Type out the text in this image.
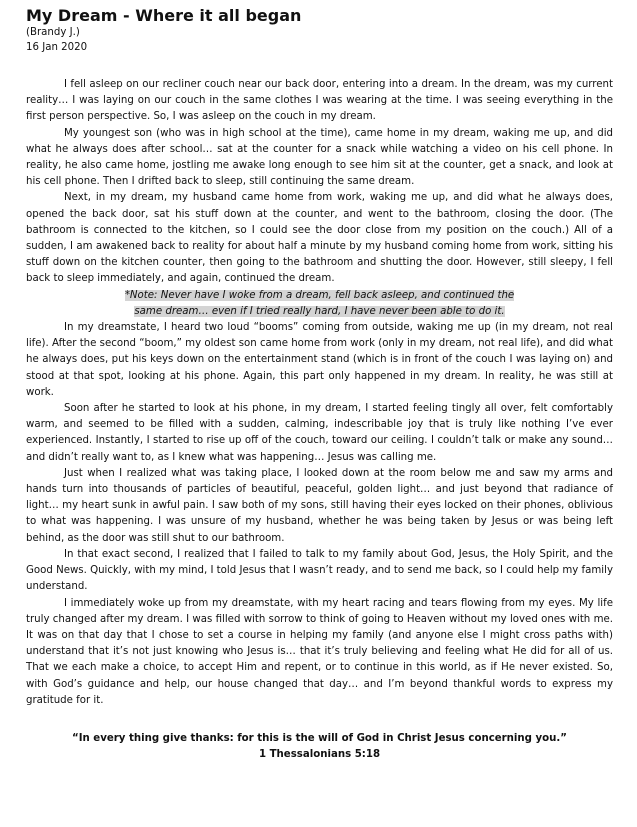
My Dream - Where it all began

(Brandy J.)

16 Jan 2020

I fell asleep on our recliner couch near our back door, entering into a dream. In the dream, was my current reality… I was laying on our couch in the same clothes I was wearing at the time. I was seeing everything in the first person perspective. So, I was asleep on the couch in my dream.

My youngest son (who was in high school at the time), came home in my dream, waking me up, and did what he always does after school… sat at the counter for a snack while watching a video on his cell phone. In reality, he also came home, jostling me awake long enough to see him sit at the counter, get a snack, and look at his cell phone. Then I drifted back to sleep, still continuing the same dream.

Next, in my dream, my husband came home from work, waking me up, and did what he always does, opened the back door, sat his stuff down at the counter, and went to the bathroom, closing the door. (The bathroom is connected to the kitchen, so I could see the door close from my position on the couch.) All of a sudden, I am awakened back to reality for about half a minute by my husband coming home from work, sitting his stuff down on the kitchen counter, then going to the bathroom and shutting the door. However, still sleepy, I fell back to sleep immediately, and again, continued the dream.

*Note: Never have I woke from a dream, fell back asleep, and continued the
same dream… even if I tried really hard, I have never been able to do it.

In my dreamstate, I heard two loud “booms” coming from outside, waking me up (in my dream, not real life). After the second “boom,” my oldest son came home from work (only in my dream, not real life), and did what he always does, put his keys down on the entertainment stand (which is in front of the couch I was laying on) and stood at that spot, looking at his phone. Again, this part only happened in my dream. In reality, he was still at work.

Soon after he started to look at his phone, in my dream, I started feeling tingly all over, felt comfortably warm, and seemed to be filled with a sudden, calming, indescribable joy that is truly like nothing I’ve ever experienced. Instantly, I started to rise up off of the couch, toward our ceiling. I couldn’t talk or make any sound… and didn’t really want to, as I knew what was happening… Jesus was calling me.

Just when I realized what was taking place, I looked down at the room below me and saw my arms and hands turn into thousands of particles of beautiful, peaceful, golden light… and just beyond that radiance of light… my heart sunk in awful pain. I saw both of my sons, still having their eyes locked on their phones, oblivious to what was happening. I was unsure of my husband, whether he was being taken by Jesus or was being left behind, as the door was still shut to our bathroom.

In that exact second, I realized that I failed to talk to my family about God, Jesus, the Holy Spirit, and the Good News. Quickly, with my mind, I told Jesus that I wasn’t ready, and to send me back, so I could help my family understand.

I immediately woke up from my dreamstate, with my heart racing and tears flowing from my eyes. My life truly changed after my dream. I was filled with sorrow to think of going to Heaven without my loved ones with me. It was on that day that I chose to set a course in helping my family (and anyone else I might cross paths with) understand that it’s not just knowing who Jesus is… that it’s truly believing and feeling what He did for all of us. That we each make a choice, to accept Him and repent, or to continue in this world, as if He never existed. So, with God’s guidance and help, our house changed that day… and I’m beyond thankful words to express my gratitude for it.

“In every thing give thanks: for this is the will of God in Christ Jesus concerning you.”
1 Thessalonians 5:18
